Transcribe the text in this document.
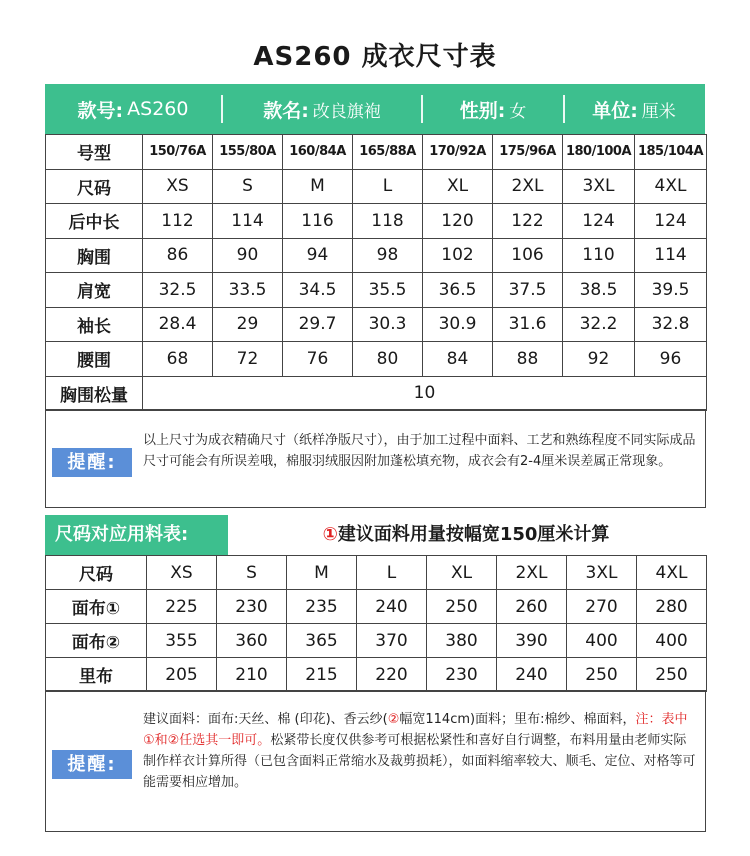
AS260 成衣尺寸表
款号: AS260	款名: 改良旗袍	性别: 女	单位: 厘米
号型	150/76A	155/80A	160/84A	165/88A	170/92A	175/96A	180/100A	185/104A
尺码	XS	S	M	L	XL	2XL	3XL	4XL
后中长	112	114	116	118	120	122	124	124
胸围	86	90	94	98	102	106	110	114
肩宽	32.5	33.5	34.5	35.5	36.5	37.5	38.5	39.5
袖长	28.4	29	29.7	30.3	30.9	31.6	32.2	32.8
腰围	68	72	76	80	84	88	92	96
胸围松量	10							
提醒:
以上尺寸为成衣精确尺寸（纸样净版尺寸），由于加工过程中面料、工艺和熟练程度不同实际成品尺寸可能会有所误差哦，棉服羽绒服因附加蓬松填充物，成衣会有2-4厘米误差属正常现象。
尺码对应用料表:	①建议面料用量按幅宽150厘米计算
尺码	XS	S	M	L	XL	2XL	3XL	4XL
面布①	225	230	235	240	250	260	270	280
面布②	355	360	365	370	380	390	400	400
里布	205	210	215	220	230	240	250	250
提醒:
建议面料：面布:天丝、棉 (印花)、香云纱(②幅宽114cm)面料；里布:棉纱、棉面料，注：表中①和②任选其一即可。松紧带长度仅供参考可根据松紧性和喜好自行调整，布料用量由老师实际制作样衣计算所得（已包含面料正常缩水及裁剪损耗），如面料缩率较大、顺毛、定位、对格等可能需要相应增加。
